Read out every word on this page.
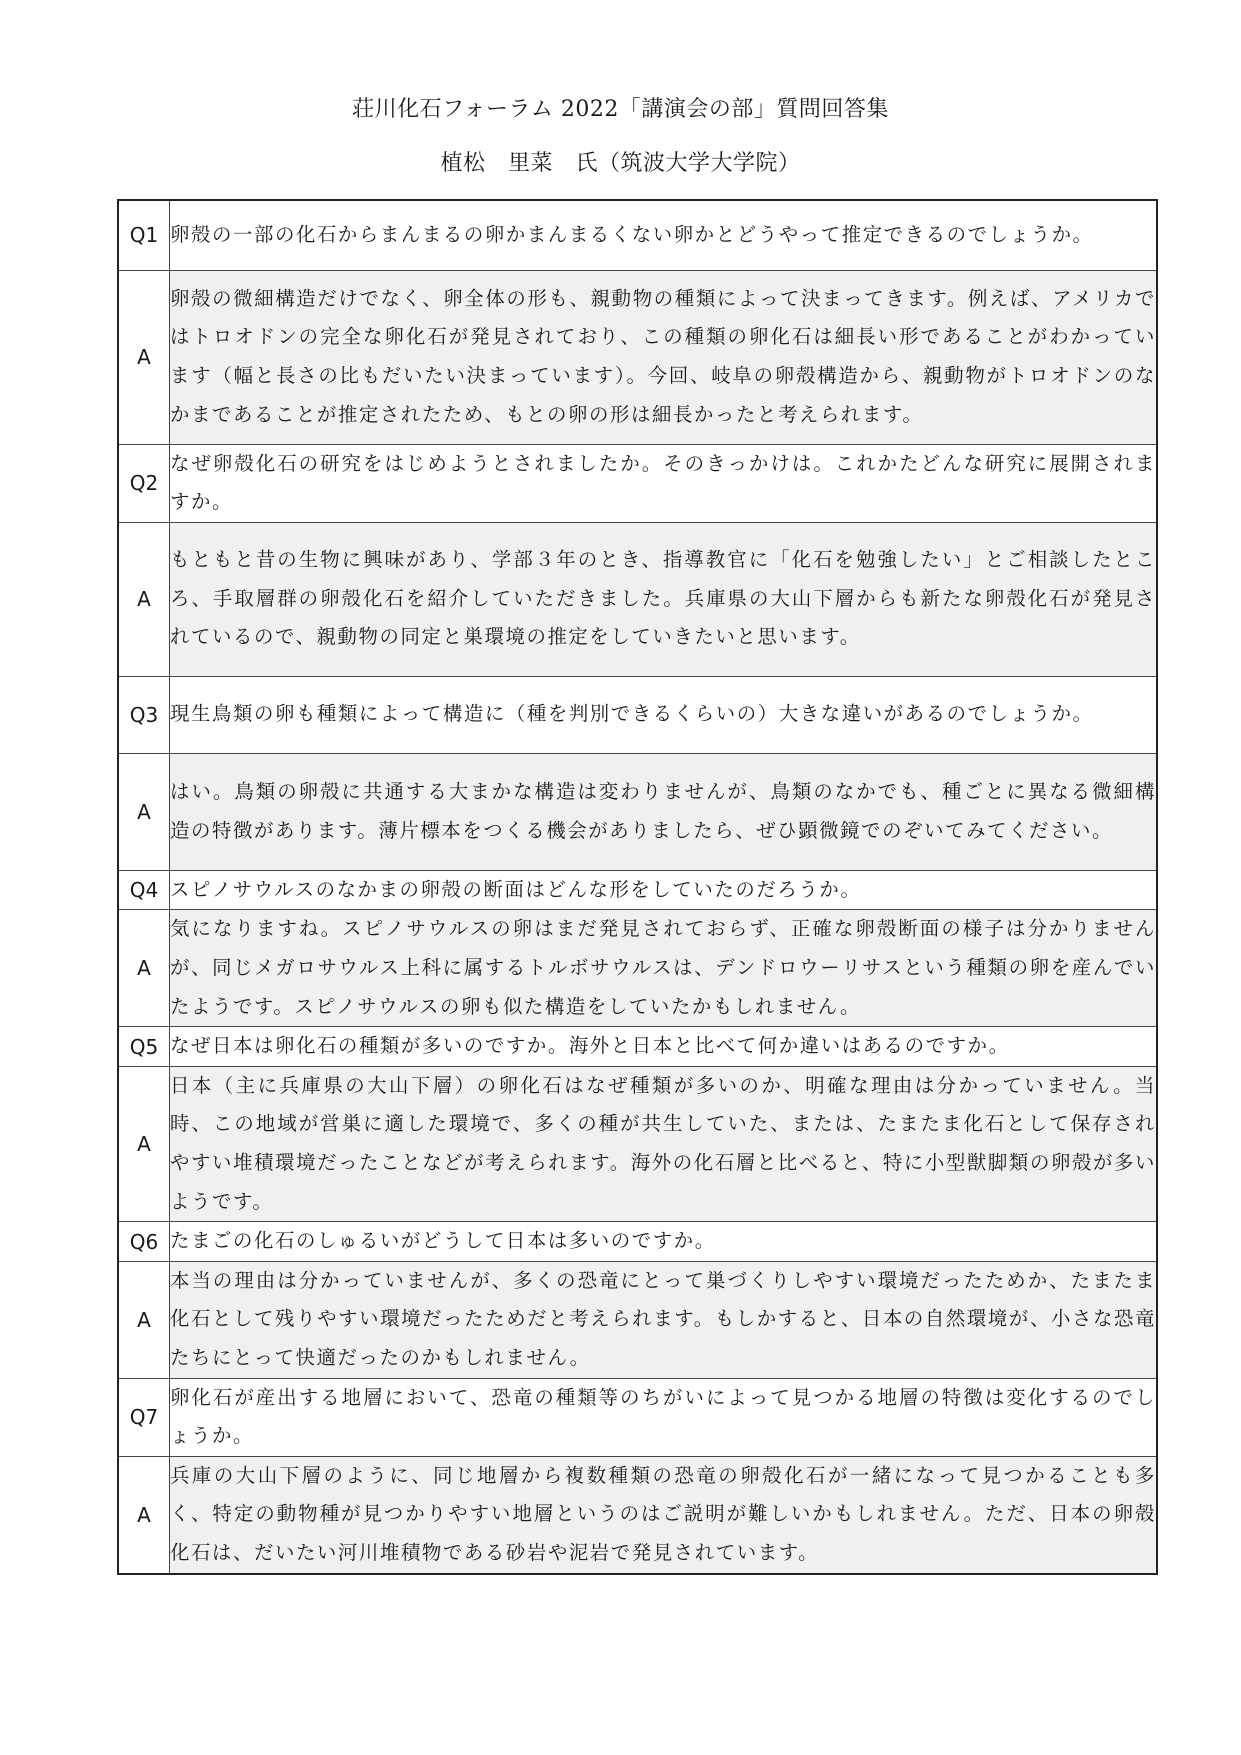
荘川化石フォーラム 2022「講演会の部」質問回答集
植松　里菜　氏（筑波大学大学院）
Q1	卵殻の一部の化石からまんまるの卵かまんまるくない卵かとどうやって推定できるのでしょうか。
A	卵殻の微細構造だけでなく、卵全体の形も、親動物の種類によって決まってきます。例えば、アメリカではトロオドンの完全な卵化石が発見されており、この種類の卵化石は細長い形であることがわかっています（幅と長さの比もだいたい決まっています）。今回、岐阜の卵殻構造から、親動物がトロオドンのなかまであることが推定されたため、もとの卵の形は細長かったと考えられます。
Q2	なぜ卵殻化石の研究をはじめようとされましたか。そのきっかけは。これかたどんな研究に展開されますか。
A	もともと昔の生物に興味があり、学部３年のとき、指導教官に「化石を勉強したい」とご相談したところ、手取層群の卵殻化石を紹介していただきました。兵庫県の大山下層からも新たな卵殻化石が発見されているので、親動物の同定と巣環境の推定をしていきたいと思います。
Q3	現生鳥類の卵も種類によって構造に（種を判別できるくらいの）大きな違いがあるのでしょうか。
A	はい。鳥類の卵殻に共通する大まかな構造は変わりませんが、鳥類のなかでも、種ごとに異なる微細構造の特徴があります。薄片標本をつくる機会がありましたら、ぜひ顕微鏡でのぞいてみてください。
Q4	スピノサウルスのなかまの卵殻の断面はどんな形をしていたのだろうか。
A	気になりますね。スピノサウルスの卵はまだ発見されておらず、正確な卵殻断面の様子は分かりませんが、同じメガロサウルス上科に属するトルボサウルスは、デンドロウーリサスという種類の卵を産んでいたようです。スピノサウルスの卵も似た構造をしていたかもしれません。
Q5	なぜ日本は卵化石の種類が多いのですか。海外と日本と比べて何か違いはあるのですか。
A	日本（主に兵庫県の大山下層）の卵化石はなぜ種類が多いのか、明確な理由は分かっていません。当時、この地域が営巣に適した環境で、多くの種が共生していた、または、たまたま化石として保存されやすい堆積環境だったことなどが考えられます。海外の化石層と比べると、特に小型獣脚類の卵殻が多いようです。
Q6	たまごの化石のしゅるいがどうして日本は多いのですか。
A	本当の理由は分かっていませんが、多くの恐竜にとって巣づくりしやすい環境だったためか、たまたま化石として残りやすい環境だったためだと考えられます。もしかすると、日本の自然環境が、小さな恐竜たちにとって快適だったのかもしれません。
Q7	卵化石が産出する地層において、恐竜の種類等のちがいによって見つかる地層の特徴は変化するのでしょうか。
A	兵庫の大山下層のように、同じ地層から複数種類の恐竜の卵殻化石が一緒になって見つかることも多く、特定の動物種が見つかりやすい地層というのはご説明が難しいかもしれません。ただ、日本の卵殻化石は、だいたい河川堆積物である砂岩や泥岩で発見されています。
